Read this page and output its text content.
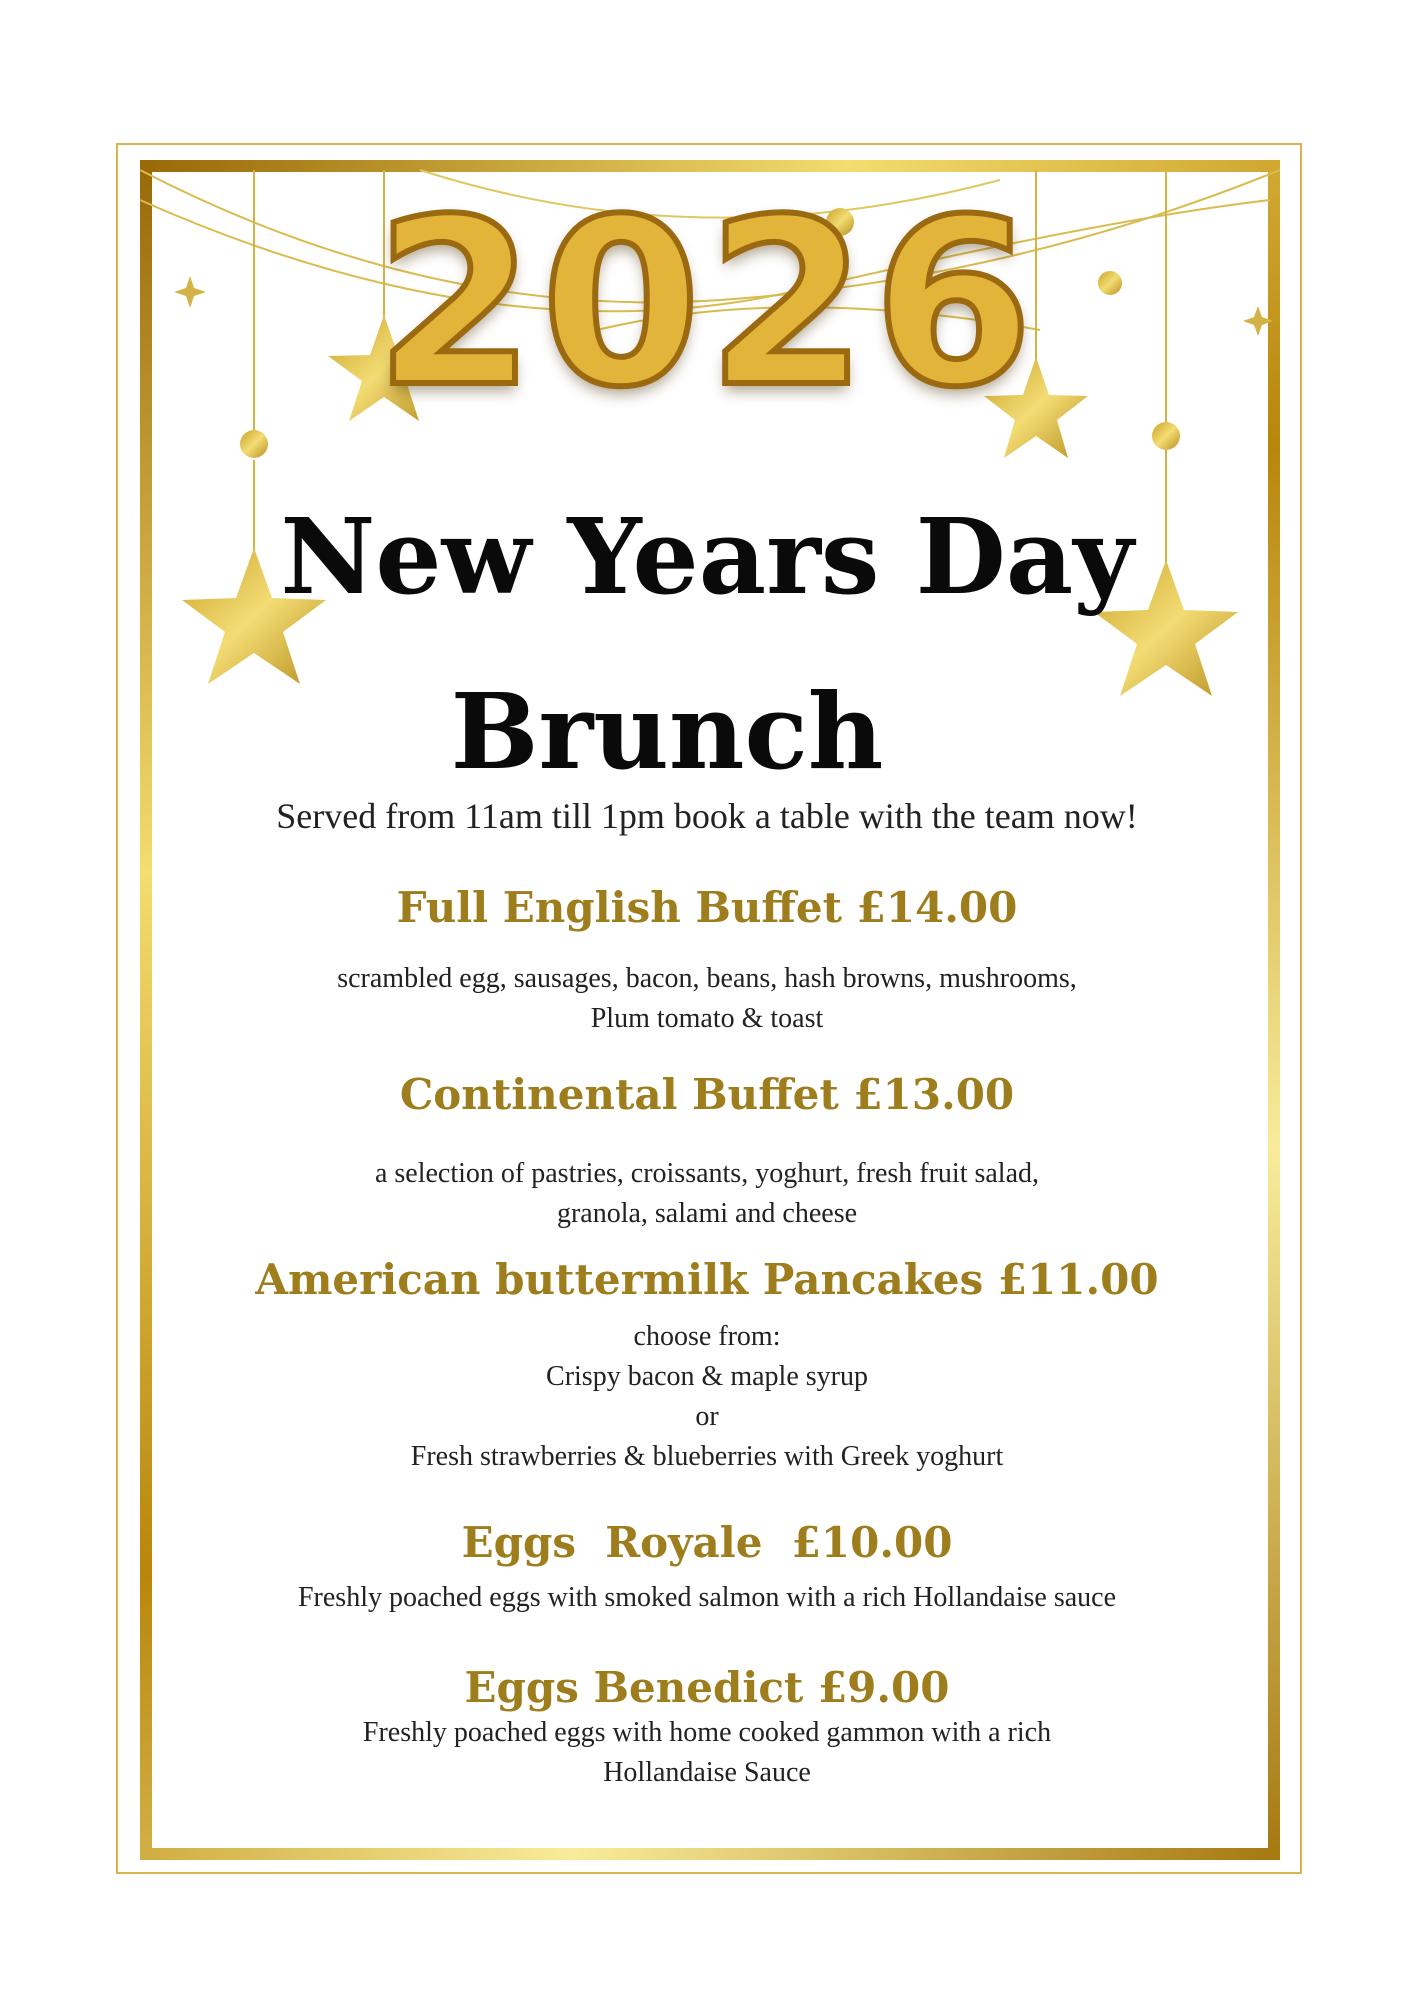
2026
New Years Day
Brunch
Served from 11am till 1pm book a table with the team now!

Full English Buffet £14.00

scrambled egg, sausages, bacon, beans, hash browns, mushrooms,

Plum tomato & toast

Continental Buffet £13.00

a selection of pastries, croissants, yoghurt, fresh fruit salad,

granola, salami and cheese

American buttermilk Pancakes £11.00

choose from:

Crispy bacon & maple syrup

or

Fresh strawberries & blueberries with Greek yoghurt

Eggs  Royale  £10.00

Freshly poached eggs with smoked salmon with a rich Hollandaise sauce

Eggs Benedict £9.00

Freshly poached eggs with home cooked gammon with a rich

Hollandaise Sauce
